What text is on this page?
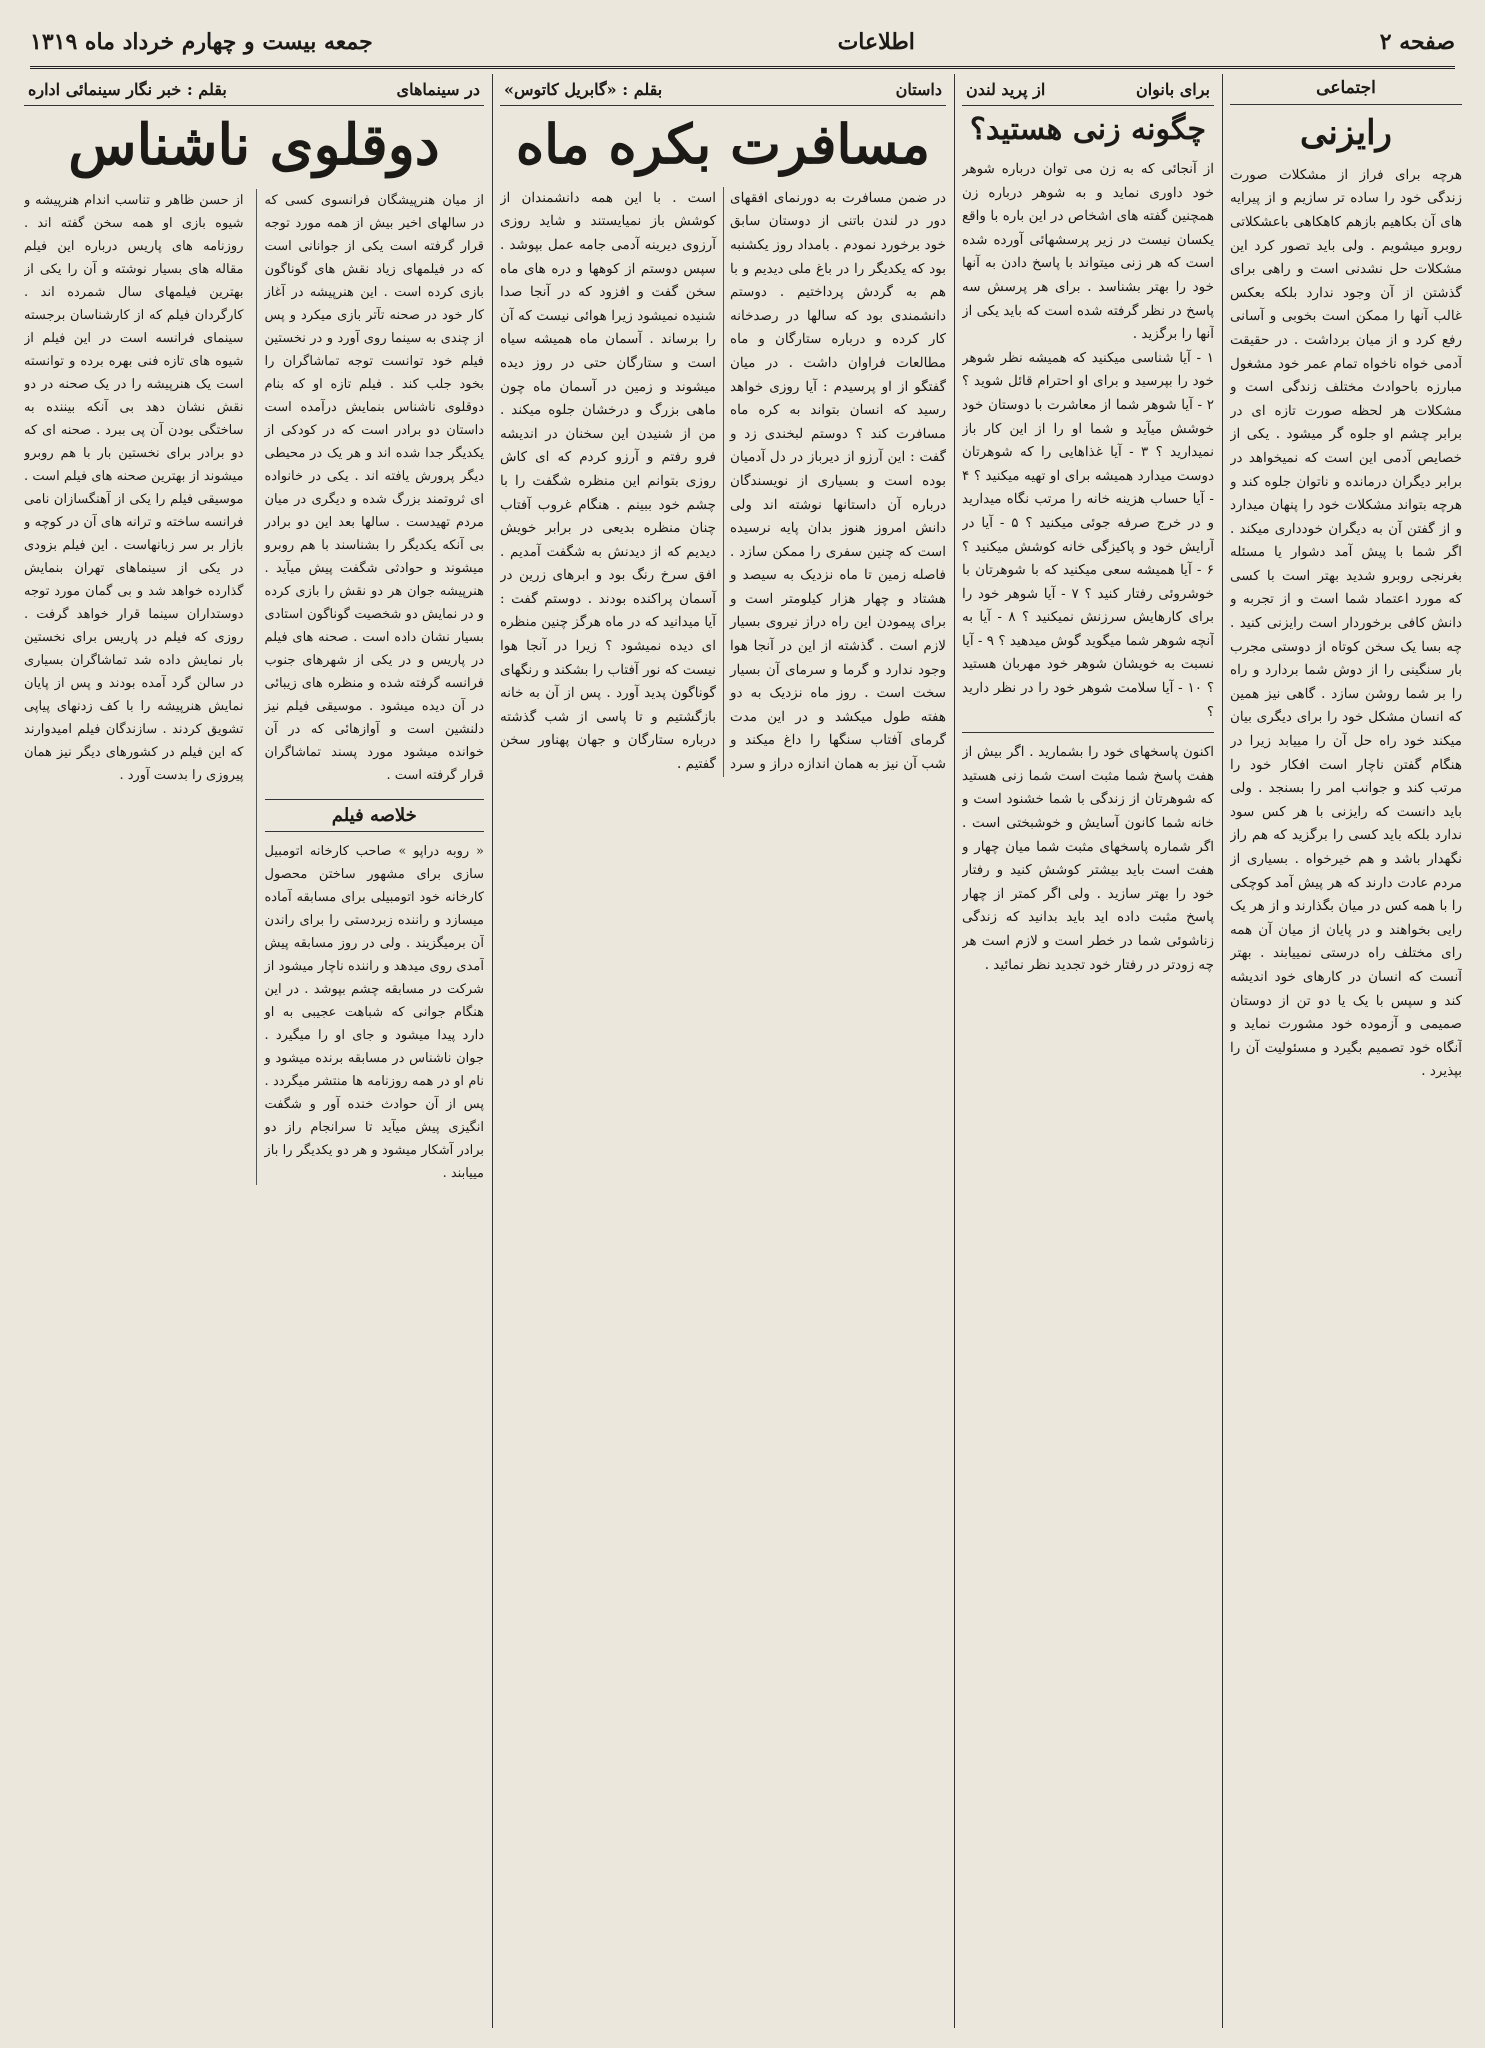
صفحه ۲
اطلاعات
جمعه بیست و چهارم خرداد ماه ۱۳۱۹
اجتماعی
رایزنی
هرچه برای فراز از مشکلات صورت زندگی خود را ساده تر سازیم و از پیرایه های آن بکاهیم بازهم کاهکاهی باعشکلاتی روبرو میشویم . ولی باید تصور کرد این مشکلات حل نشدنی است و راهی برای گذشتن از آن وجود ندارد بلکه بعکس غالب آنها را ممکن است بخوبی و آسانی رفع کرد و از میان برداشت . در حقیقت آدمی خواه ناخواه تمام عمر خود مشغول مبارزه باحوادث مختلف زندگی است و مشکلات هر لحظه صورت تازه ای در برابر چشم او جلوه گر میشود . یکی از خصایص آدمی این است که نمیخواهد در برابر دیگران درمانده و ناتوان جلوه کند و هرچه بتواند مشکلات خود را پنهان میدارد و از گفتن آن به دیگران خودداری میکند . اگر شما با پیش آمد دشوار یا مسئله بغرنجی روبرو شدید بهتر است با کسی که مورد اعتماد شما است و از تجربه و دانش کافی برخوردار است رایزنی کنید . چه بسا یک سخن کوتاه از دوستی مجرب بار سنگینی را از دوش شما بردارد و راه را بر شما روشن سازد . گاهی نیز همین که انسان مشکل خود را برای دیگری بیان میکند خود راه حل آن را مییابد زیرا در هنگام گفتن ناچار است افکار خود را مرتب کند و جوانب امر را بسنجد . ولی باید دانست که رایزنی با هر کس سود ندارد بلکه باید کسی را برگزید که هم راز نگهدار باشد و هم خیرخواه . بسیاری از مردم عادت دارند که هر پیش آمد کوچکی را با همه کس در میان بگذارند و از هر یک رایی بخواهند و در پایان از میان آن همه رای مختلف راه درستی نمییابند . بهتر آنست که انسان در کارهای خود اندیشه کند و سپس با یک یا دو تن از دوستان صمیمی و آزموده خود مشورت نماید و آنگاه خود تصمیم بگیرد و مسئولیت آن را بپذیرد .
برای بانوان
از پرید لندن
چگونه زنی هستید؟
از آنجائی که به زن می توان درباره شوهر خود داوری نماید و به شوهر درباره زن همچنین گفته های اشخاص در این باره با واقع یکسان نیست در زیر پرسشهائی آورده شده است که هر زنی میتواند با پاسخ دادن به آنها خود را بهتر بشناسد . برای هر پرسش سه پاسخ در نظر گرفته شده است که باید یکی از آنها را برگزید .
۱ - آیا شناسی میکنید که همیشه نظر شوهر خود را بپرسید و برای او احترام قائل شوید ؟ ۲ - آیا شوهر شما از معاشرت با دوستان خود خوشش میآید و شما او را از این کار باز نمیدارید ؟ ۳ - آیا غذاهایی را که شوهرتان دوست میدارد همیشه برای او تهیه میکنید ؟ ۴ - آیا حساب هزینه خانه را مرتب نگاه میدارید و در خرج صرفه جوئی میکنید ؟ ۵ - آیا در آرایش خود و پاکیزگی خانه کوشش میکنید ؟ ۶ - آیا همیشه سعی میکنید که با شوهرتان با خوشروئی رفتار کنید ؟ ۷ - آیا شوهر خود را برای کارهایش سرزنش نمیکنید ؟ ۸ - آیا به آنچه شوهر شما میگوید گوش میدهید ؟ ۹ - آیا نسبت به خویشان شوهر خود مهربان هستید ؟ ۱۰ - آیا سلامت شوهر خود را در نظر دارید ؟
اکنون پاسخهای خود را بشمارید . اگر بیش از هفت پاسخ شما مثبت است شما زنی هستید که شوهرتان از زندگی با شما خشنود است و خانه شما کانون آسایش و خوشبختی است . اگر شماره پاسخهای مثبت شما میان چهار و هفت است باید بیشتر کوشش کنید و رفتار خود را بهتر سازید . ولی اگر کمتر از چهار پاسخ مثبت داده اید باید بدانید که زندگی زناشوئی شما در خطر است و لازم است هر چه زودتر در رفتار خود تجدید نظر نمائید .
داستان
بقلم : «گابریل کاتوس»
مسافرت بکره ماه
در ضمن مسافرت به دورنمای افقهای دور در لندن باتنی از دوستان سابق خود برخورد نمودم . بامداد روز یکشنبه بود که یکدیگر را در باغ ملی دیدیم و با هم به گردش پرداختیم . دوستم دانشمندی بود که سالها در رصدخانه کار کرده و درباره ستارگان و ماه مطالعات فراوان داشت . در میان گفتگو از او پرسیدم : آیا روزی خواهد رسید که انسان بتواند به کره ماه مسافرت کند ؟ دوستم لبخندی زد و گفت : این آرزو از دیرباز در دل آدمیان بوده است و بسیاری از نویسندگان درباره آن داستانها نوشته اند ولی دانش امروز هنوز بدان پایه نرسیده است که چنین سفری را ممکن سازد . فاصله زمین تا ماه نزدیک به سیصد و هشتاد و چهار هزار کیلومتر است و برای پیمودن این راه دراز نیروی بسیار لازم است . گذشته از این در آنجا هوا وجود ندارد و گرما و سرمای آن بسیار سخت است . روز ماه نزدیک به دو هفته طول میکشد و در این مدت گرمای آفتاب سنگها را داغ میکند و شب آن نیز به همان اندازه دراز و سرد است . با این همه دانشمندان از کوشش باز نمیایستند و شاید روزی آرزوی دیرینه آدمی جامه عمل بپوشد . سپس دوستم از کوهها و دره های ماه سخن گفت و افزود که در آنجا صدا شنیده نمیشود زیرا هوائی نیست که آن را برساند . آسمان ماه همیشه سیاه است و ستارگان حتی در روز دیده میشوند و زمین در آسمان ماه چون ماهی بزرگ و درخشان جلوه میکند . من از شنیدن این سخنان در اندیشه فرو رفتم و آرزو کردم که ای کاش روزی بتوانم این منظره شگفت را با چشم خود ببینم . هنگام غروب آفتاب چنان منظره بدیعی در برابر خویش دیدیم که از دیدنش به شگفت آمدیم . افق سرخ رنگ بود و ابرهای زرین در آسمان پراکنده بودند . دوستم گفت : آیا میدانید که در ماه هرگز چنین منظره ای دیده نمیشود ؟ زیرا در آنجا هوا نیست که نور آفتاب را بشکند و رنگهای گوناگون پدید آورد . پس از آن به خانه بازگشتیم و تا پاسی از شب گذشته درباره ستارگان و جهان پهناور سخن گفتیم .
در سینماهای
بقلم : خبر نگار سینمائی اداره
دوقلوی ناشناس
از میان هنرپیشگان فرانسوی کسی که در سالهای اخیر بیش از همه مورد توجه قرار گرفته است یکی از جوانانی است که در فیلمهای زیاد نقش های گوناگون بازی کرده است . این هنرپیشه در آغاز کار خود در صحنه تآتر بازی میکرد و پس از چندی به سینما روی آورد و در نخستین فیلم خود توانست توجه تماشاگران را بخود جلب کند . فیلم تازه او که بنام دوقلوی ناشناس بنمایش درآمده است داستان دو برادر است که در کودکی از یکدیگر جدا شده اند و هر یک در محیطی دیگر پرورش یافته اند . یکی در خانواده ای ثروتمند بزرگ شده و دیگری در میان مردم تهیدست . سالها بعد این دو برادر بی آنکه یکدیگر را بشناسند با هم روبرو میشوند و حوادثی شگفت پیش میآید . هنرپیشه جوان هر دو نقش را بازی کرده و در نمایش دو شخصیت گوناگون استادی بسیار نشان داده است . صحنه های فیلم در پاریس و در یکی از شهرهای جنوب فرانسه گرفته شده و منظره های زیبائی در آن دیده میشود . موسیقی فیلم نیز دلنشین است و آوازهائی که در آن خوانده میشود مورد پسند تماشاگران قرار گرفته است .
خلاصه فیلم
« روبه دراپو » صاحب کارخانه اتومبیل سازی برای مشهور ساختن محصول کارخانه خود اتومبیلی برای مسابقه آماده میسازد و راننده زبردستی را برای راندن آن برمیگزیند . ولی در روز مسابقه پیش آمدی روی میدهد و راننده ناچار میشود از شرکت در مسابقه چشم بپوشد . در این هنگام جوانی که شباهت عجیبی به او دارد پیدا میشود و جای او را میگیرد . جوان ناشناس در مسابقه برنده میشود و نام او در همه روزنامه ها منتشر میگردد . پس از آن حوادث خنده آور و شگفت انگیزی پیش میآید تا سرانجام راز دو برادر آشکار میشود و هر دو یکدیگر را باز مییابند .
از حسن ظاهر و تناسب اندام هنرپیشه و شیوه بازی او همه سخن گفته اند . روزنامه های پاریس درباره این فیلم مقاله های بسیار نوشته و آن را یکی از بهترین فیلمهای سال شمرده اند . کارگردان فیلم که از کارشناسان برجسته سینمای فرانسه است در این فیلم از شیوه های تازه فنی بهره برده و توانسته است یک هنرپیشه را در یک صحنه در دو نقش نشان دهد بی آنکه بیننده به ساختگی بودن آن پی ببرد . صحنه ای که دو برادر برای نخستین بار با هم روبرو میشوند از بهترین صحنه های فیلم است . موسیقی فیلم را یکی از آهنگسازان نامی فرانسه ساخته و ترانه های آن در کوچه و بازار بر سر زبانهاست . این فیلم بزودی در یکی از سینماهای تهران بنمایش گذارده خواهد شد و بی گمان مورد توجه دوستداران سینما قرار خواهد گرفت . روزی که فیلم در پاریس برای نخستین بار نمایش داده شد تماشاگران بسیاری در سالن گرد آمده بودند و پس از پایان نمایش هنرپیشه را با کف زدنهای پیاپی تشویق کردند . سازندگان فیلم امیدوارند که این فیلم در کشورهای دیگر نیز همان پیروزی را بدست آورد .
